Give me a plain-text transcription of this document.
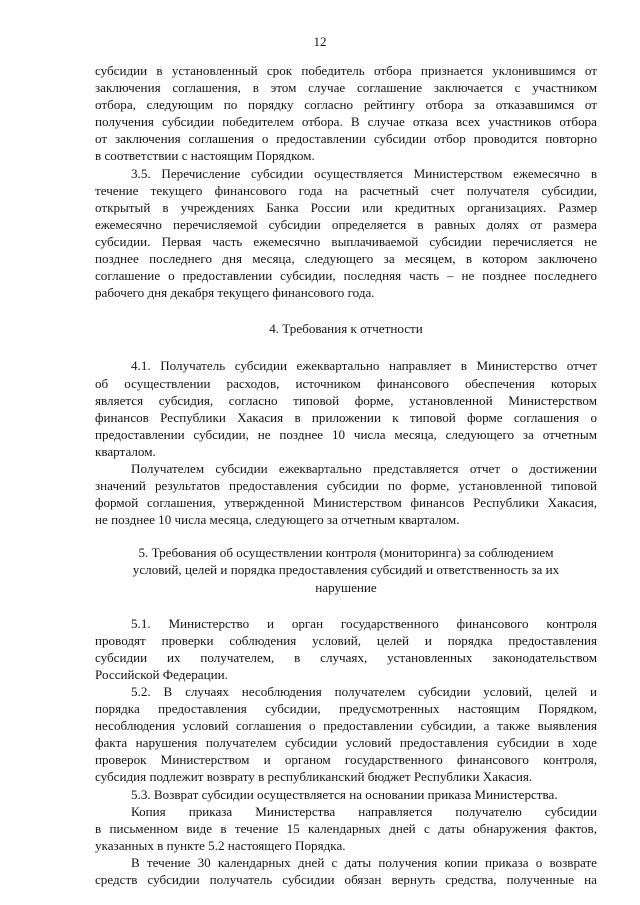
12

субсидии в установленный срок победитель отбора признается уклонившимся от

заключения соглашения, в этом случае соглашение заключается с участником

отбора, следующим по порядку согласно рейтингу отбора за отказавшимся от

получения субсидии победителем отбора. В случае отказа всех участников отбора

от заключения соглашения о предоставлении субсидии отбор проводится повторно

в соответствии с настоящим Порядком.

3.5. Перечисление субсидии осуществляется Министерством ежемесячно в

течение текущего финансового года на расчетный счет получателя субсидии,

открытый в учреждениях Банка России или кредитных организациях. Размер

ежемесячно перечисляемой субсидии определяется в равных долях от размера

субсидии. Первая часть ежемесячно выплачиваемой субсидии перечисляется не

позднее последнего дня месяца, следующего за месяцем, в котором заключено

соглашение о предоставлении субсидии, последняя часть – не позднее последнего

рабочего дня декабря текущего финансового года.

4. Требования к отчетности

4.1. Получатель субсидии ежеквартально направляет в Министерство отчет

об осуществлении расходов, источником финансового обеспечения которых

является субсидия, согласно типовой форме, установленной Министерством

финансов Республики Хакасия в приложении к типовой форме соглашения о

предоставлении субсидии, не позднее 10 числа месяца, следующего за отчетным

кварталом.

Получателем субсидии ежеквартально представляется отчет о достижении

значений результатов предоставления субсидии по форме, установленной типовой

формой соглашения, утвержденной Министерством финансов Республики Хакасия,

не позднее 10 числа месяца, следующего за отчетным кварталом.

5. Требования об осуществлении контроля (мониторинга) за соблюдением

условий, целей и порядка предоставления субсидий и ответственность за их

нарушение

5.1. Министерство и орган государственного финансового контроля

проводят проверки соблюдения условий, целей и порядка предоставления

субсидии их получателем, в случаях, установленных законодательством

Российской Федерации.

5.2. В случаях несоблюдения получателем субсидии условий, целей и

порядка предоставления субсидии, предусмотренных настоящим Порядком,

несоблюдения условий соглашения о предоставлении субсидии, а также выявления

факта нарушения получателем субсидии условий предоставления субсидии в ходе

проверок Министерством и органом государственного финансового контроля,

субсидия подлежит возврату в республиканский бюджет Республики Хакасия.

5.3. Возврат субсидии осуществляется на основании приказа Министерства.

Копия приказа Министерства направляется получателю субсидии

в письменном виде в течение 15 календарных дней с даты обнаружения фактов,

указанных в пункте 5.2 настоящего Порядка.

В течение 30 календарных дней с даты получения копии приказа о возврате

средств субсидии получатель субсидии обязан вернуть средства, полученные на
